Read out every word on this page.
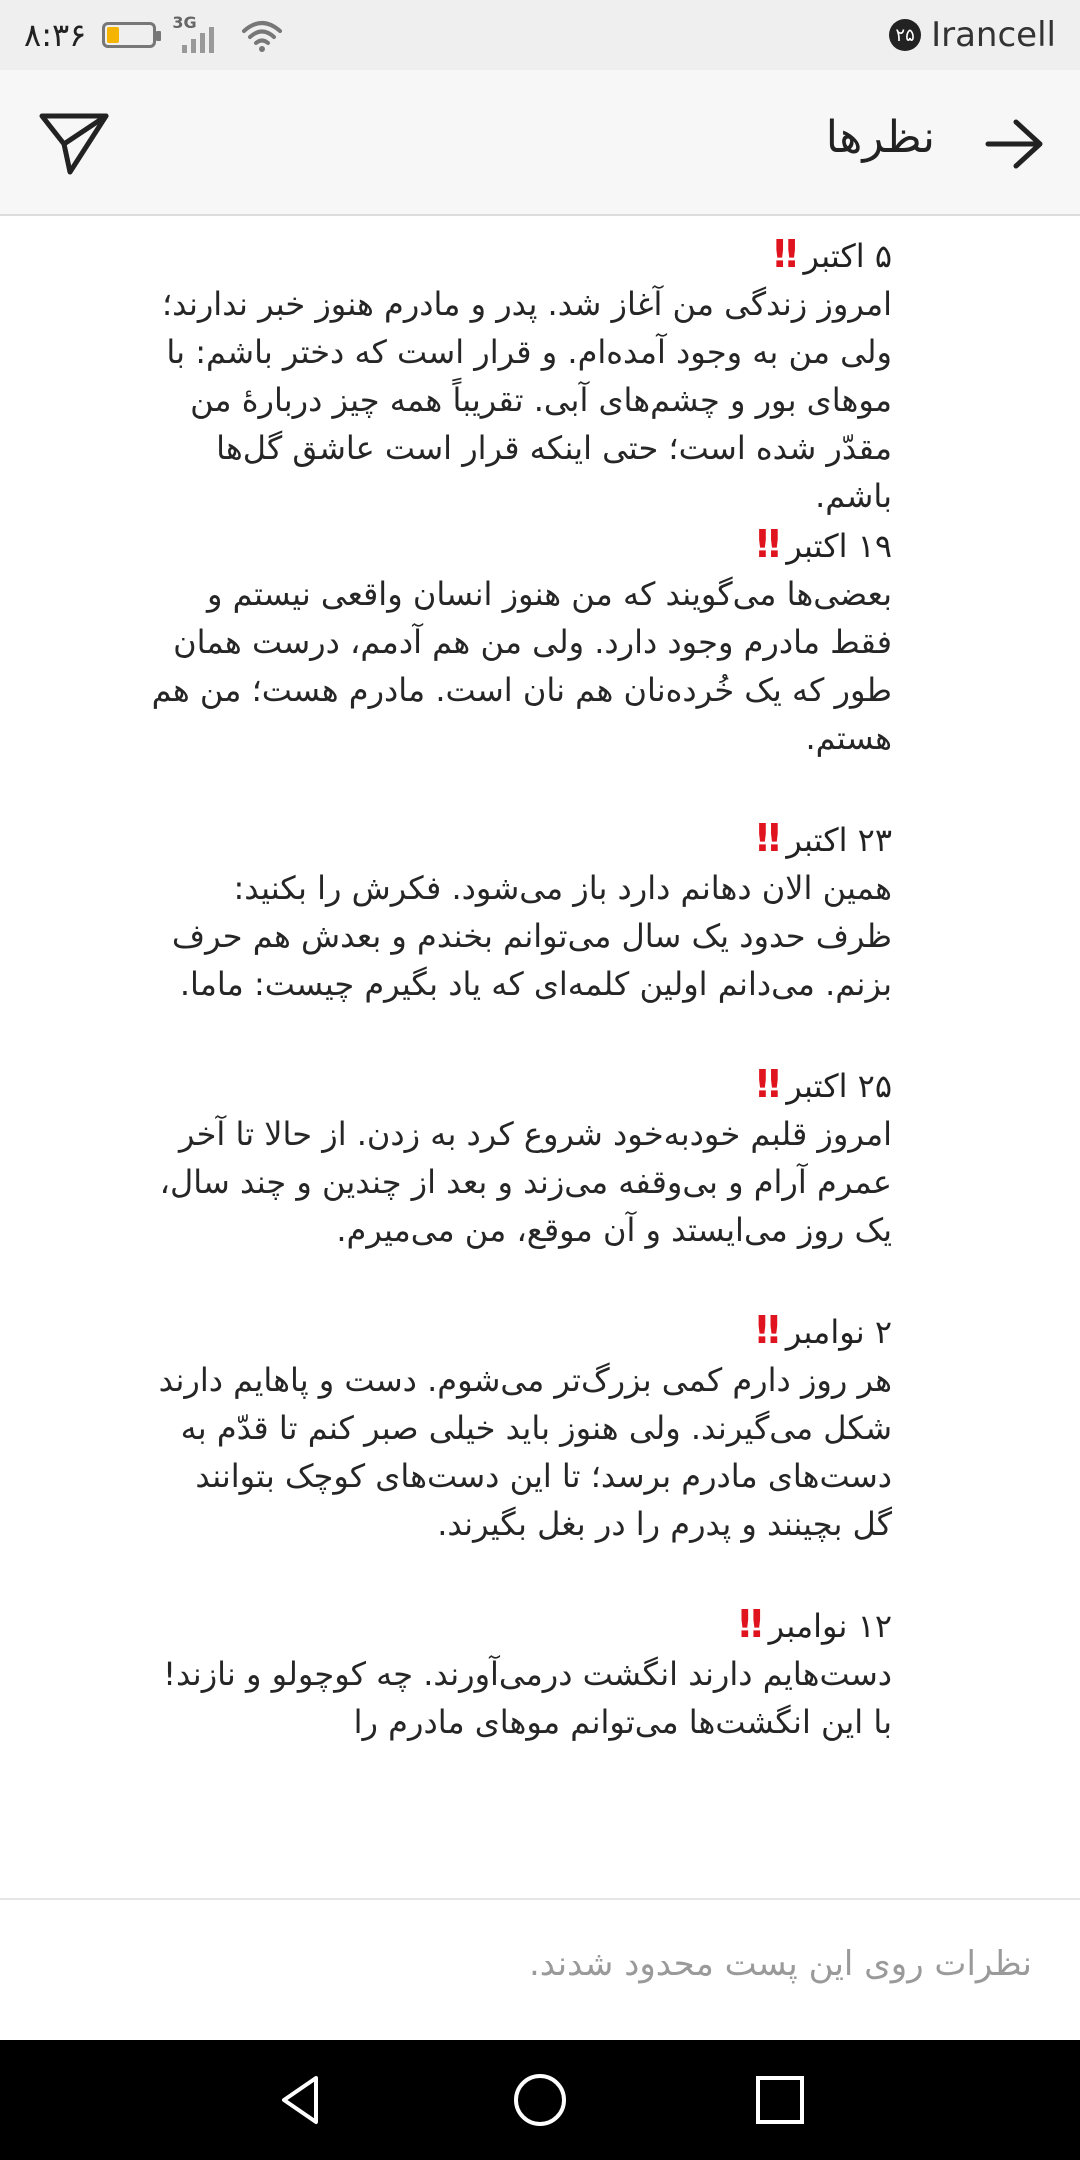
۸:۳۶	3G
۲۵ Irancell
نظرها
۵ اکتبر‼
امروز زندگی من آغاز شد. پدر و مادرم هنوز خبر ندارند؛ ولی من به وجود آمده‌ام. و قرار است که دختر باشم: با موهای بور و چشم‌های آبی. تقریباً همه چیز دربارهٔ من مقدّر شده است؛ حتی اینکه قرار است عاشق گل‌ها باشم.
۱۹ اکتبر‼
بعضی‌ها می‌گویند که من هنوز انسان واقعی نیستم و فقط مادرم وجود دارد. ولی من هم آدمم، درست همان طور که یک خُرده‌نان هم نان است. مادرم هست؛ من هم هستم.
۲۳ اکتبر‼
همین الان دهانم دارد باز می‌شود. فکرش را بکنید: ظرف حدود یک سال می‌توانم بخندم و بعدش هم حرف بزنم. می‌دانم اولین کلمه‌ای که یاد بگیرم چیست: ماما.
۲۵ اکتبر‼
امروز قلبم خودبه‌خود شروع کرد به زدن. از حالا تا آخر عمرم آرام و بی‌وقفه می‌زند و بعد از چندین و چند سال، یک روز می‌ایستد و آن موقع، من می‌میرم.
۲ نوامبر‼
هر روز دارم کمی بزرگ‌تر می‌شوم. دست و پاهایم دارند شکل می‌گیرند. ولی هنوز باید خیلی صبر کنم تا قدّم به دست‌های مادرم برسد؛ تا این دست‌های کوچک بتوانند گل بچینند و پدرم را در بغل بگیرند.
۱۲ نوامبر‼
دست‌هایم دارند انگشت درمی‌آورند. چه کوچولو و نازند! با این انگشت‌ها می‌توانم موهای مادرم را
نظرات روی این پست محدود شدند.
